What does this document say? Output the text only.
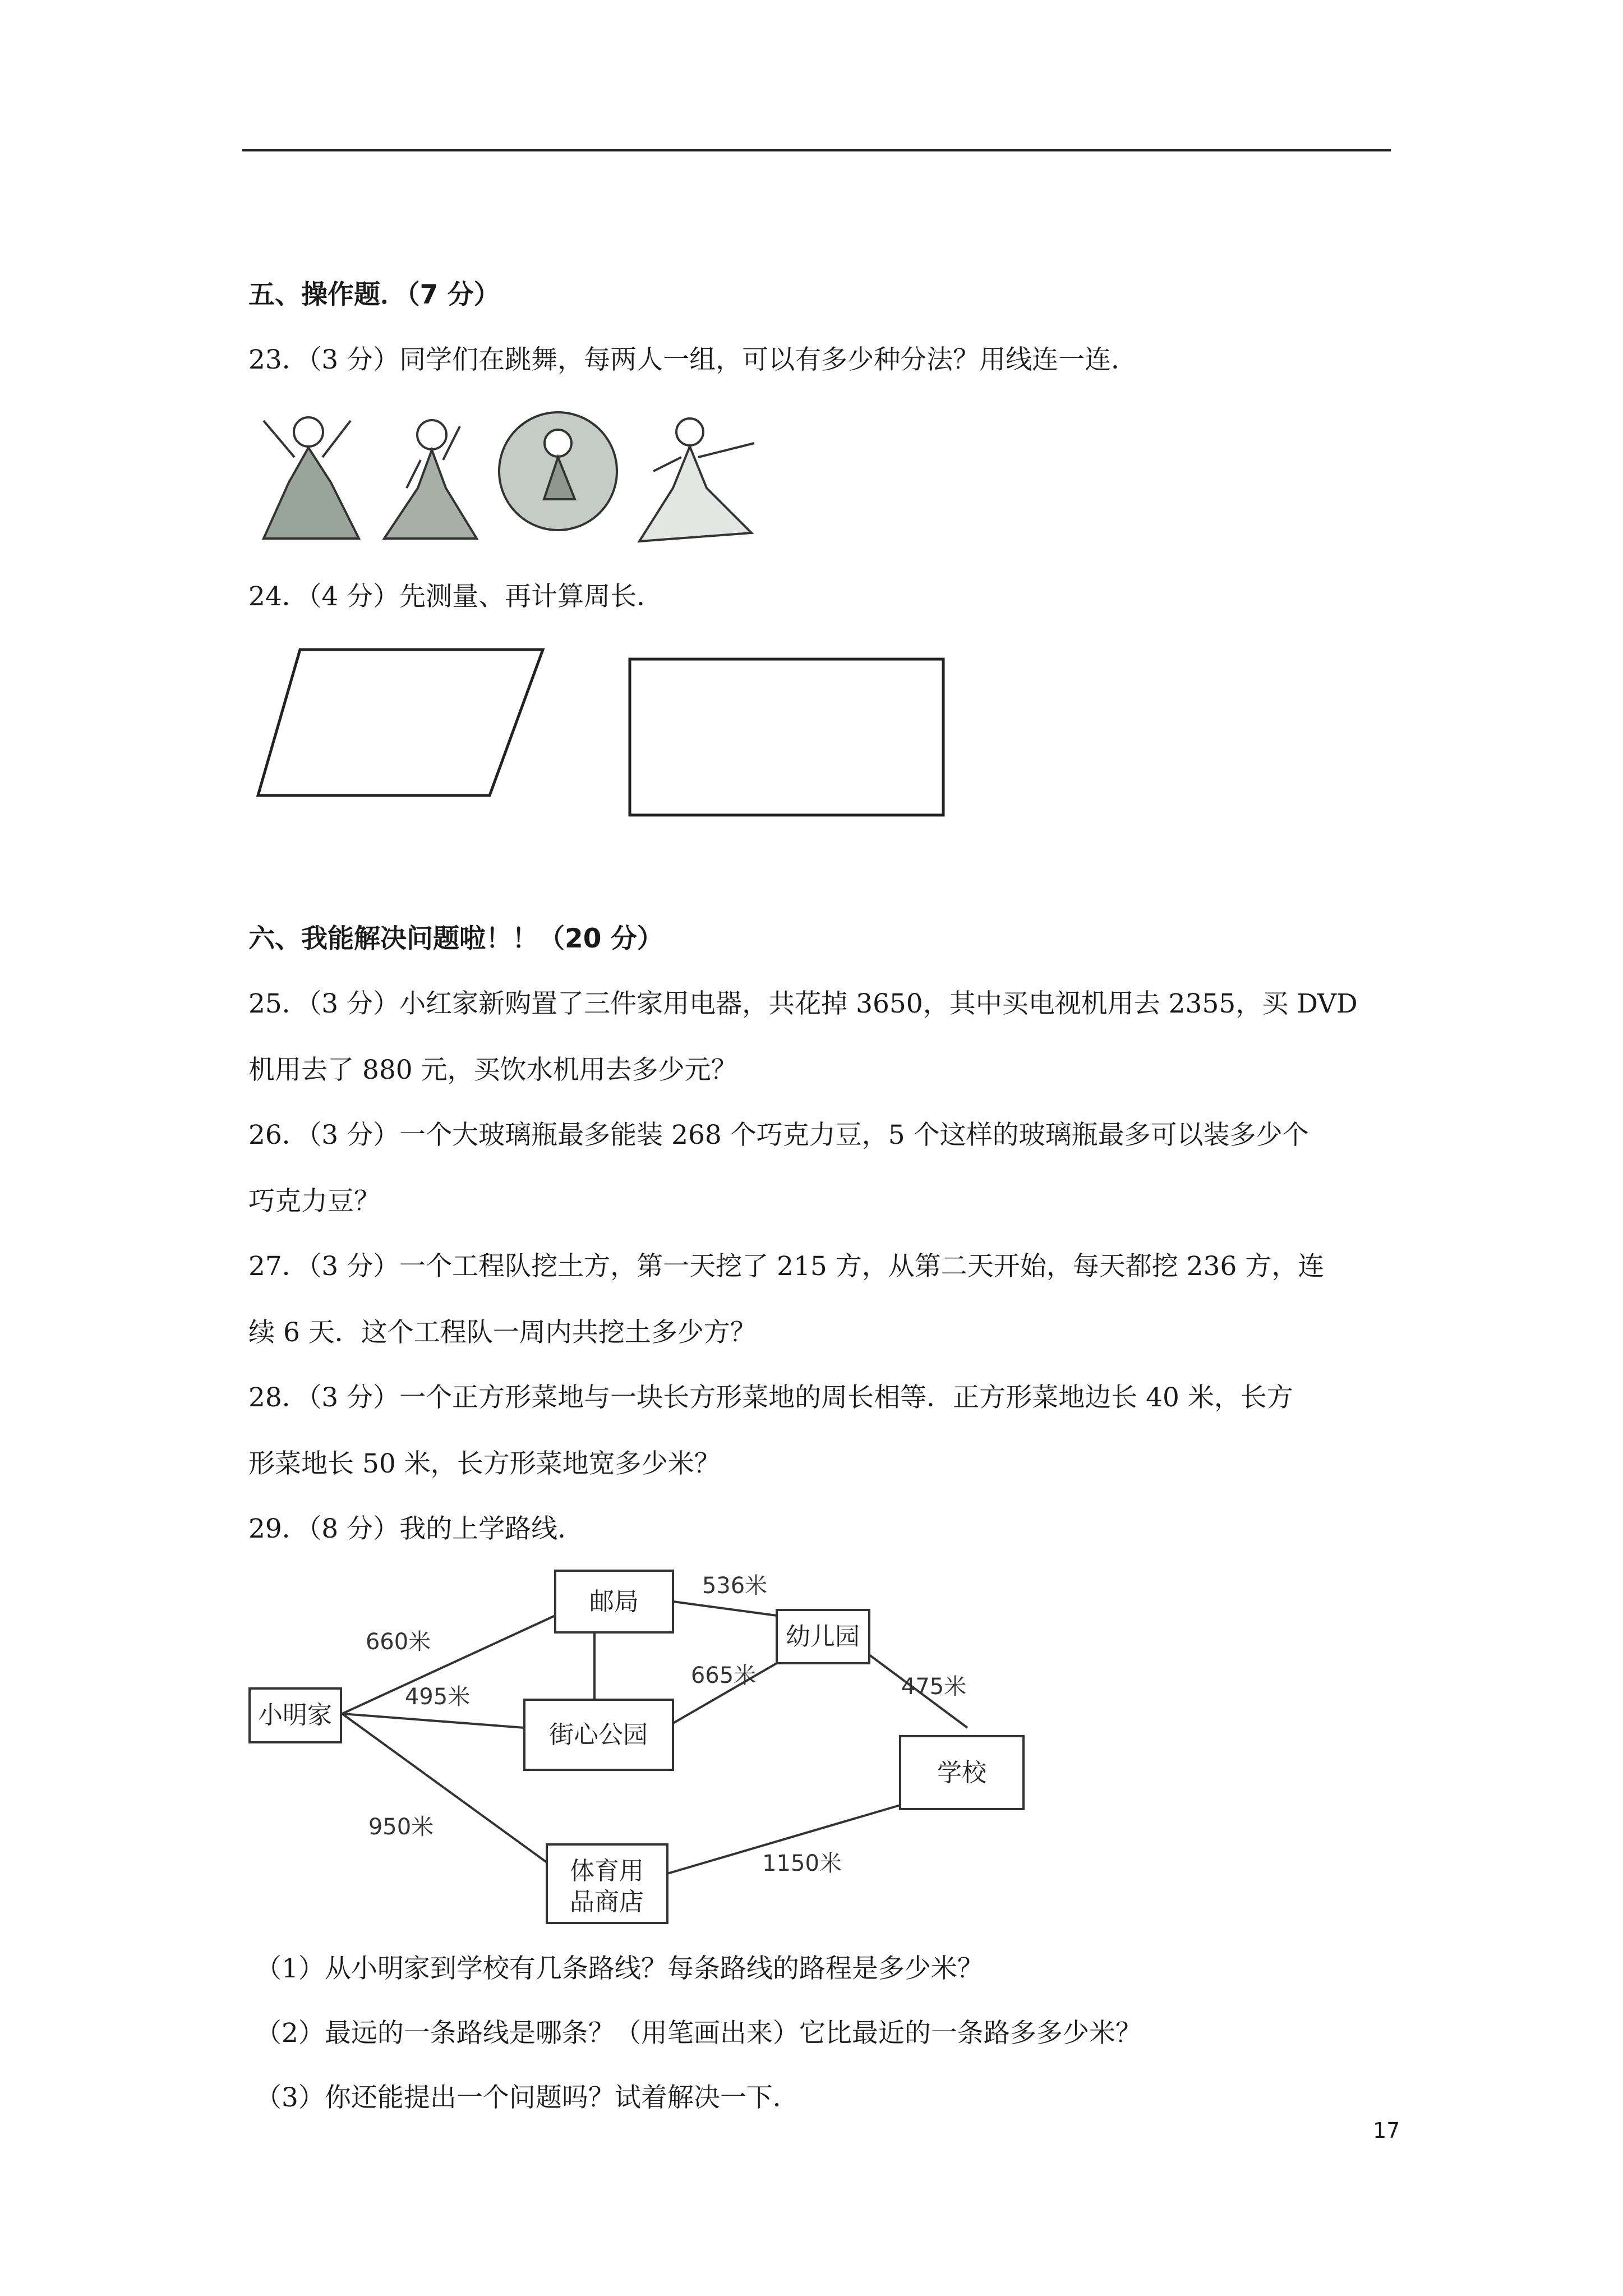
五、操作题．（7 分）
23．（3 分）同学们在跳舞，每两人一组，可以有多少种分法？用线连一连．
24．（4 分）先测量、再计算周长．
六、我能解决问题啦！！（20 分）
25．（3 分）小红家新购置了三件家用电器，共花掉 3650，其中买电视机用去 2355，买 DVD
机用去了 880 元，买饮水机用去多少元？
26．（3 分）一个大玻璃瓶最多能装 268 个巧克力豆，5 个这样的玻璃瓶最多可以装多少个
巧克力豆？
27．（3 分）一个工程队挖土方，第一天挖了 215 方，从第二天开始，每天都挖 236 方，连
续 6 天．这个工程队一周内共挖土多少方？
28．（3 分）一个正方形菜地与一块长方形菜地的周长相等．正方形菜地边长 40 米，长方
形菜地长 50 米，长方形菜地宽多少米？
29．（8 分）我的上学路线．
小明家
邮局
街心公园
幼儿园
学校
体育用
品商店
660米
495米
950米
536米
665米	475米
1150米
（1）从小明家到学校有几条路线？每条路线的路程是多少米？
（2）最远的一条路线是哪条？（用笔画出来）它比最近的一条路多多少米？
（3）你还能提出一个问题吗？试着解决一下．
17
